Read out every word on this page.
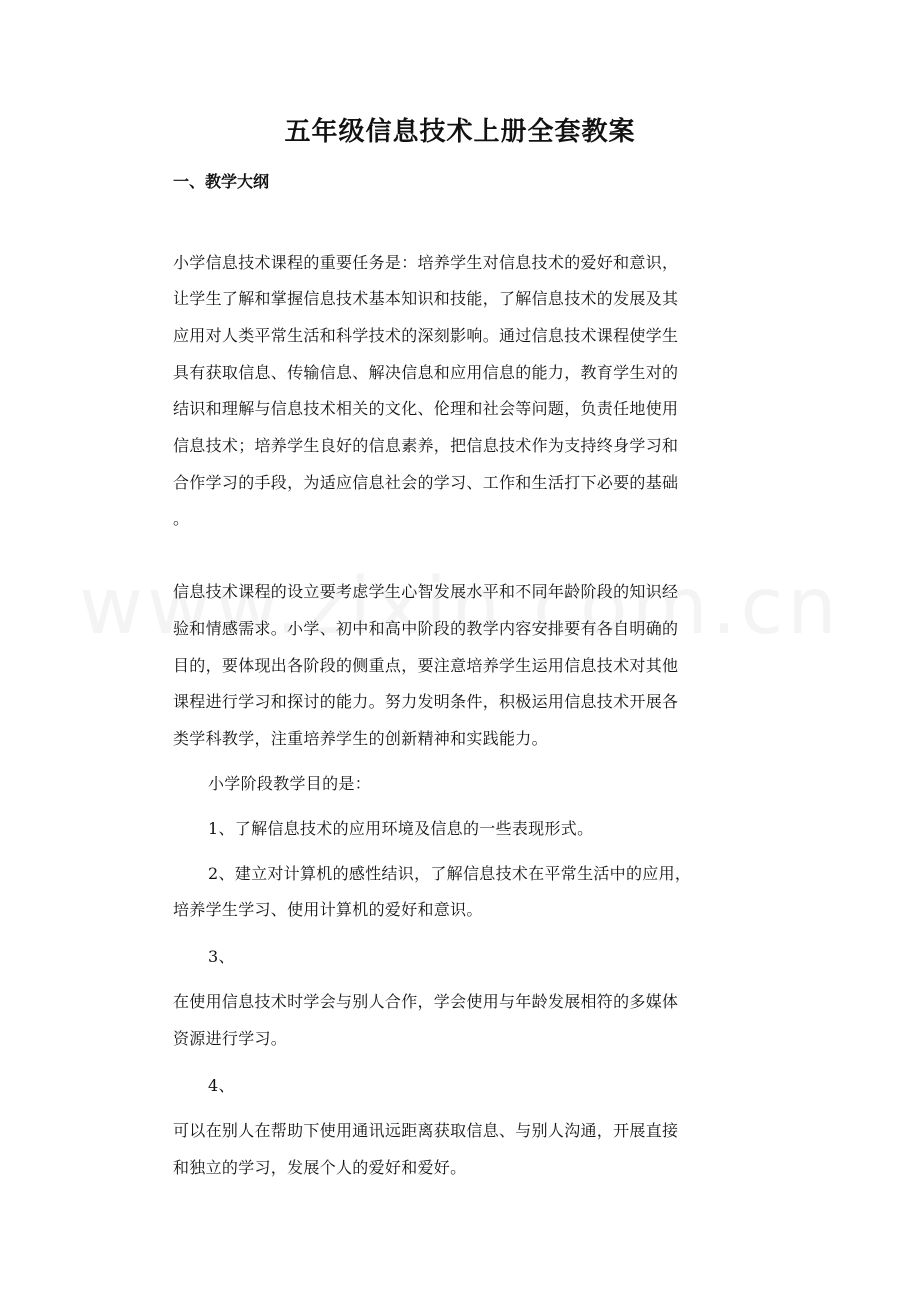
五年级信息技术上册全套教案
一、教学大纲
小学信息技术课程的重要任务是：培养学生对信息技术的爱好和意识，
让学生了解和掌握信息技术基本知识和技能，了解信息技术的发展及其
应用对人类平常生活和科学技术的深刻影响。通过信息技术课程使学生
具有获取信息、传输信息、解决信息和应用信息的能力，教育学生对的
结识和理解与信息技术相关的文化、伦理和社会等问题，负责任地使用
信息技术；培养学生良好的信息素养，把信息技术作为支持终身学习和
合作学习的手段，为适应信息社会的学习、工作和生活打下必要的基础
。
信息技术课程的设立要考虑学生心智发展水平和不同年龄阶段的知识经
验和情感需求。小学、初中和高中阶段的教学内容安排要有各自明确的
目的，要体现出各阶段的侧重点，要注意培养学生运用信息技术对其他
课程进行学习和探讨的能力。努力发明条件，积极运用信息技术开展各
类学科教学，注重培养学生的创新精神和实践能力。
小学阶段教学目的是：
1、了解信息技术的应用环境及信息的一些表现形式。
2、建立对计算机的感性结识，了解信息技术在平常生活中的应用，
培养学生学习、使用计算机的爱好和意识。
3、
在使用信息技术时学会与别人合作，学会使用与年龄发展相符的多媒体
资源进行学习。
4、
可以在别人在帮助下使用通讯远距离获取信息、与别人沟通，开展直接
和独立的学习，发展个人的爱好和爱好。
